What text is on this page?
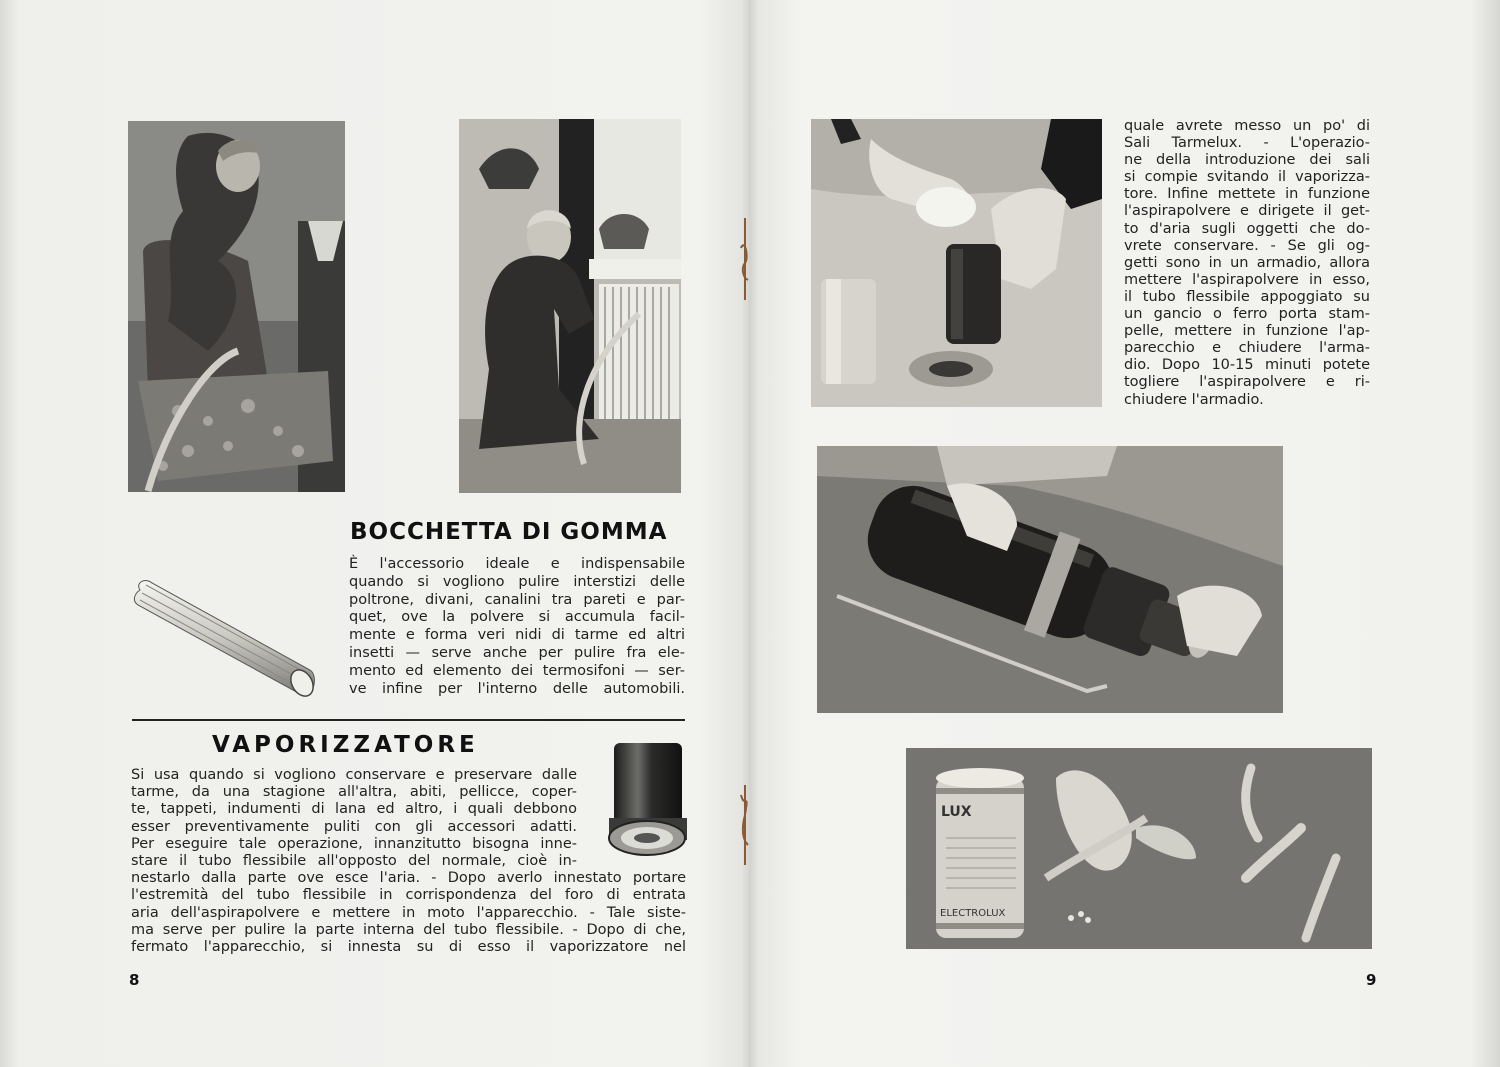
BOCCHETTA DI GOMMA
È l'accessorio ideale e indispensabile
quando si vogliono pulire interstizi delle
poltrone, divani, canalini tra pareti e par-
quet, ove la polvere si accumula facil-
mente e forma veri nidi di tarme ed altri
insetti — serve anche per pulire fra ele-
mento ed elemento dei termosifoni — ser-
ve infine per l'interno delle automobili.
VAPORIZZATORE
Si usa quando si vogliono conservare e preservare dalle
tarme, da una stagione all'altra, abiti, pellicce, coper-
te, tappeti, indumenti di lana ed altro, i quali debbono
esser preventivamente puliti con gli accessori adatti.
Per eseguire tale operazione, innanzitutto bisogna inne-
stare il tubo flessibile all'opposto del normale, cioè in-
nestarlo dalla parte ove esce l'aria. - Dopo averlo innestato portare
l'estremità del tubo flessibile in corrispondenza del foro di entrata
aria dell'aspirapolvere e mettere in moto l'apparecchio. - Tale siste-
ma serve per pulire la parte interna del tubo flessibile. - Dopo di che,
fermato l'apparecchio, si innesta su di esso il vaporizzatore nel
8
quale avrete messo un po' di
Sali Tarmelux. - L'operazio-
ne della introduzione dei sali
si compie svitando il vaporizza-
tore. Infine mettete in funzione
l'aspirapolvere e dirigete il get-
to d'aria sugli oggetti che do-
vrete conservare. - Se gli og-
getti sono in un armadio, allora
mettere l'aspirapolvere in esso,
il tubo flessibile appoggiato su
un gancio o ferro porta stam-
pelle, mettere in funzione l'ap-
parecchio e chiudere l'arma-
dio. Dopo 10-15 minuti potete
togliere l'aspirapolvere e ri-
chiudere l'armadio.
LUX
ELECTROLUX
9
